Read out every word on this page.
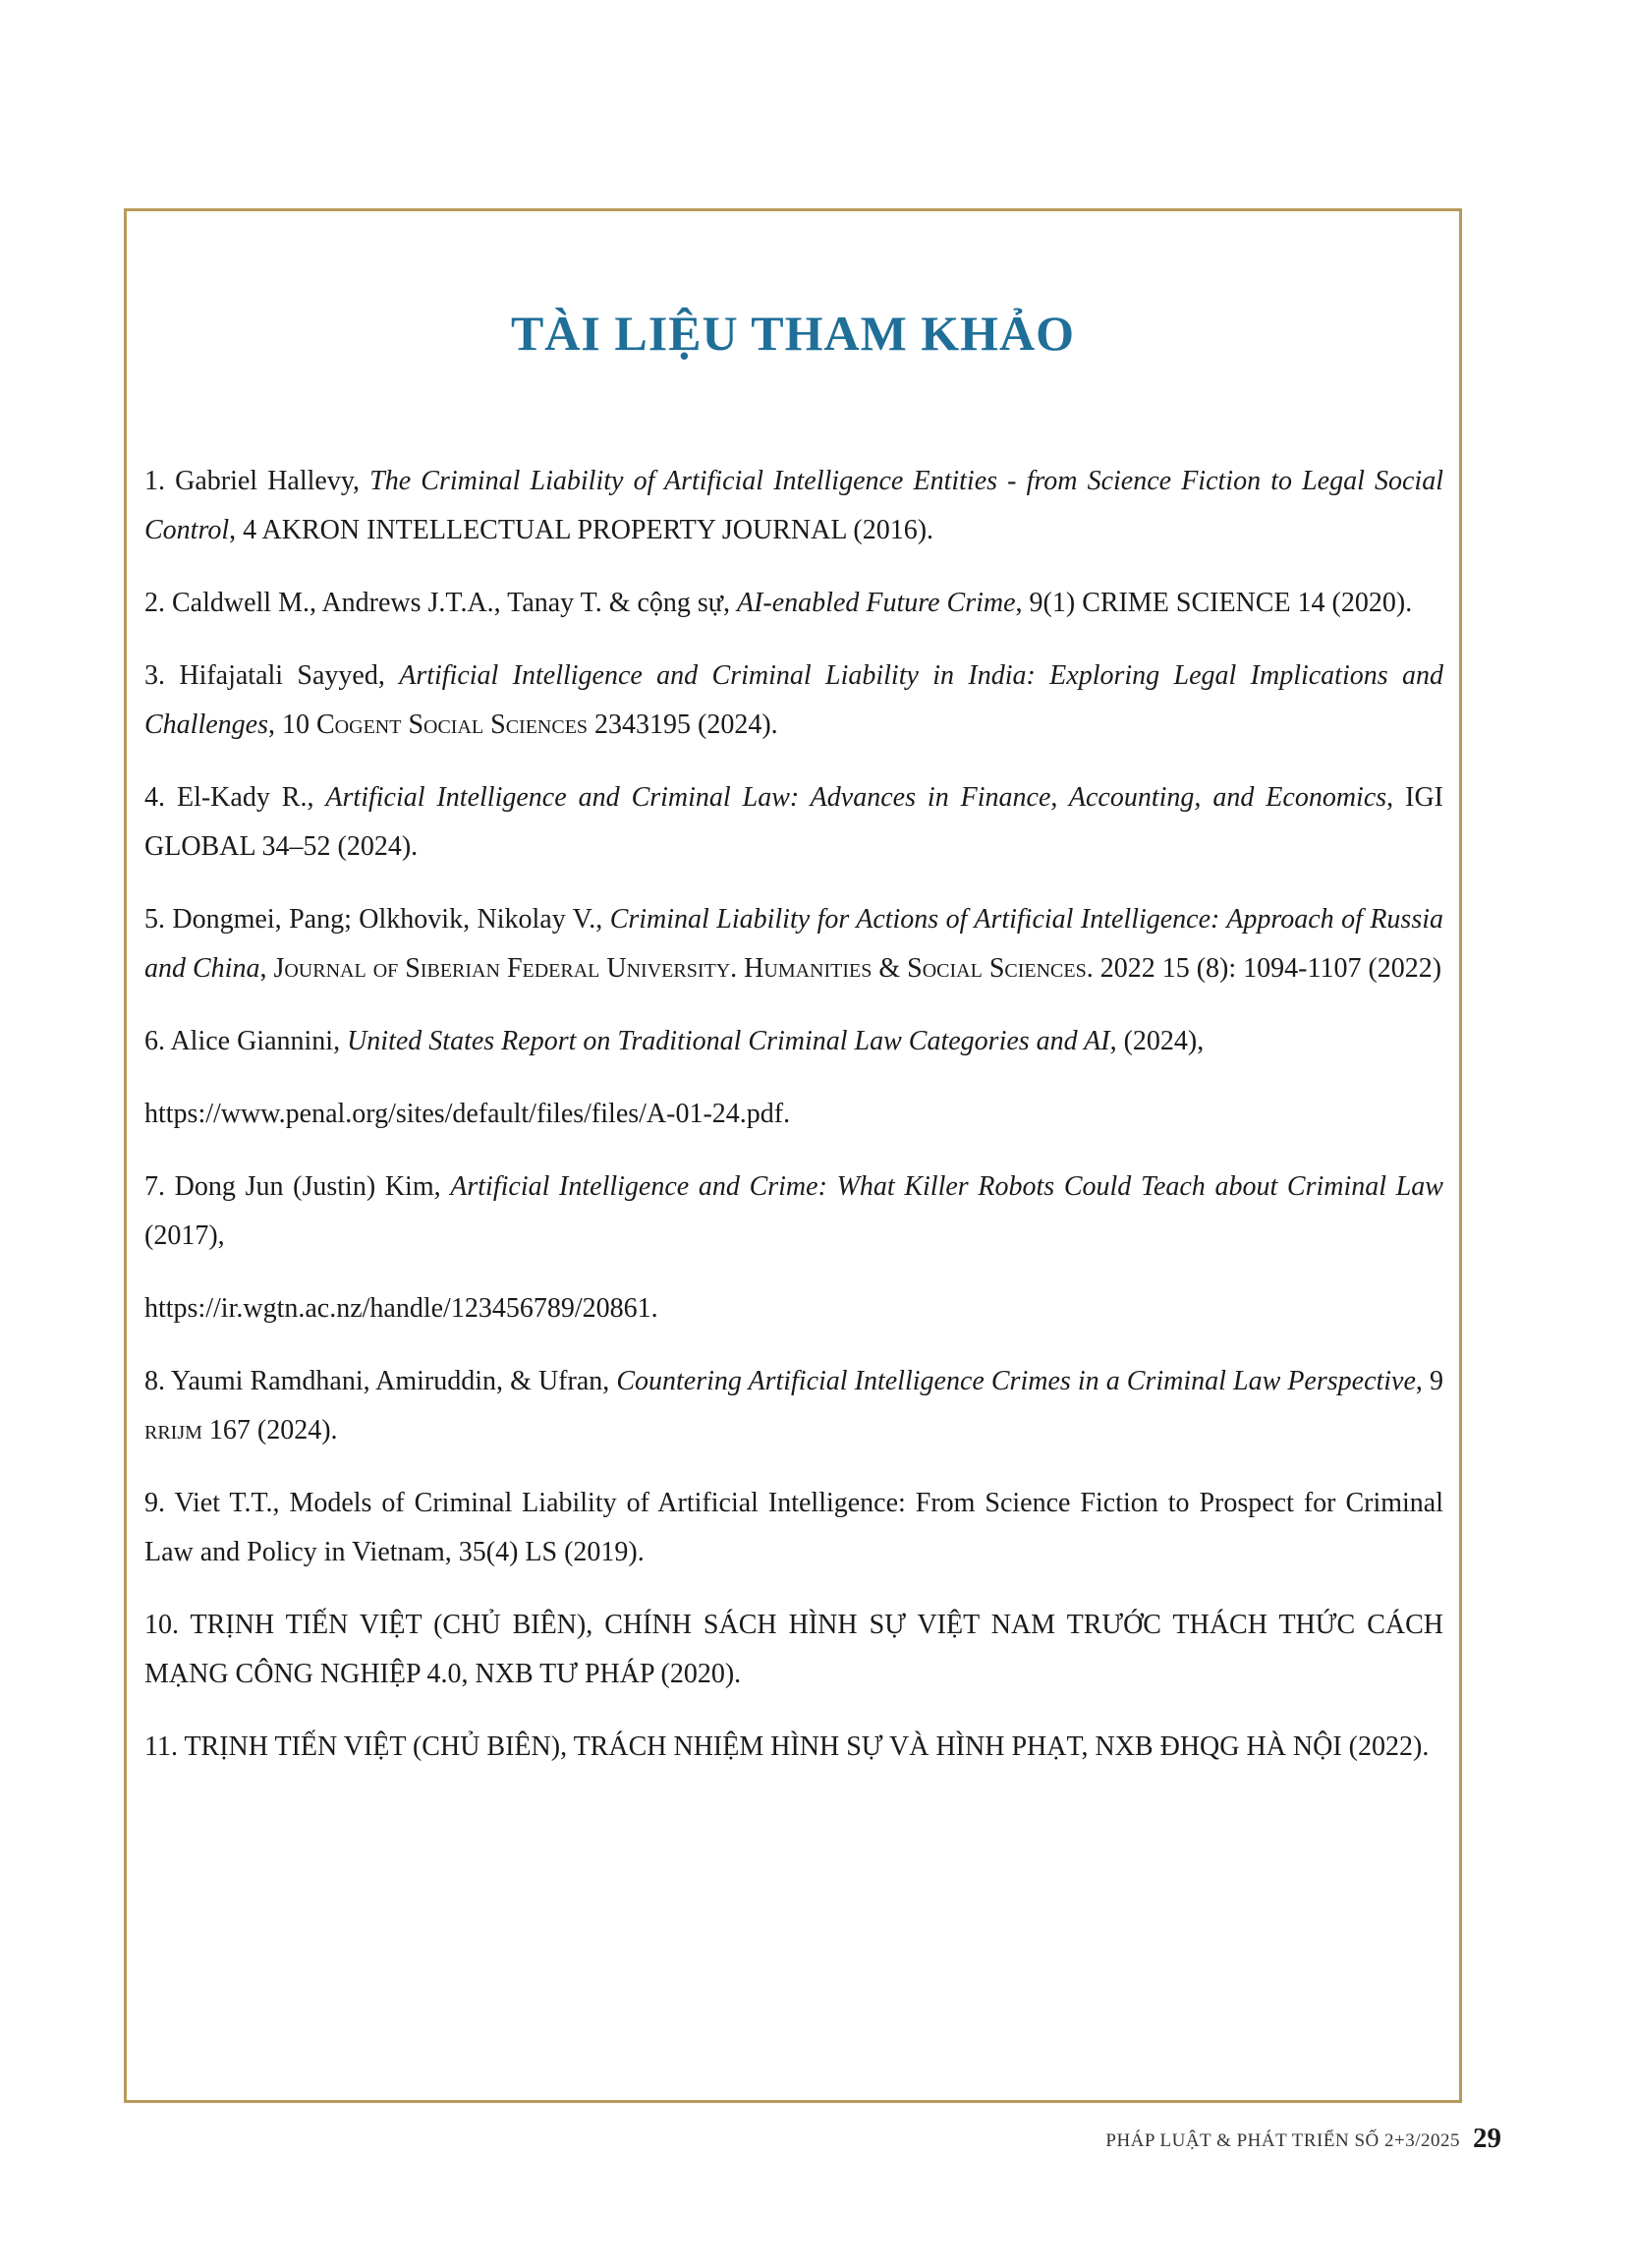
TÀI LIỆU THAM KHẢO

1. Gabriel Hallevy, The Criminal Liability of Artificial Intelligence Entities - from Science Fiction to Legal Social Control, 4 AKRON INTELLECTUAL PROPERTY JOURNAL (2016).

2. Caldwell M., Andrews J.T.A., Tanay T. & cộng sự, AI-enabled Future Crime, 9(1) CRIME SCIENCE 14 (2020).

3. Hifajatali Sayyed, Artificial Intelligence and Criminal Liability in India: Exploring Legal Implications and Challenges, 10 Cogent Social Sciences 2343195 (2024).

4. El-Kady R., Artificial Intelligence and Criminal Law: Advances in Finance, Accounting, and Economics, IGI GLOBAL 34–52 (2024).

5. Dongmei, Pang; Olkhovik, Nikolay V., Criminal Liability for Actions of Artificial Intelligence: Approach of Russia and China, Journal of Siberian Federal University. Humanities & Social Sciences. 2022 15 (8): 1094-1107 (2022)

6. Alice Giannini, United States Report on Traditional Criminal Law Categories and AI, (2024),

https://www.penal.org/sites/default/files/files/A-01-24.pdf.

7. Dong Jun (Justin) Kim, Artificial Intelligence and Crime: What Killer Robots Could Teach about Criminal Law (2017),

https://ir.wgtn.ac.nz/handle/123456789/20861.

8. Yaumi Ramdhani, Amiruddin, & Ufran, Countering Artificial Intelligence Crimes in a Criminal Law Perspective, 9 rrijm 167 (2024).

9. Viet T.T., Models of Criminal Liability of Artificial Intelligence: From Science Fiction to Prospect for Criminal Law and Policy in Vietnam, 35(4) LS (2019).

10. TRỊNH TIẾN VIỆT (CHỦ BIÊN), CHÍNH SÁCH HÌNH SỰ VIỆT NAM TRƯỚC THÁCH THỨC CÁCH MẠNG CÔNG NGHIỆP 4.0, NXB TƯ PHÁP (2020).

11. TRỊNH TIẾN VIỆT (CHỦ BIÊN), TRÁCH NHIỆM HÌNH SỰ VÀ HÌNH PHẠT, NXB ĐHQG HÀ NỘI (2022).

PHÁP LUẬT & PHÁT TRIỂN SỐ 2+3/2025 29
